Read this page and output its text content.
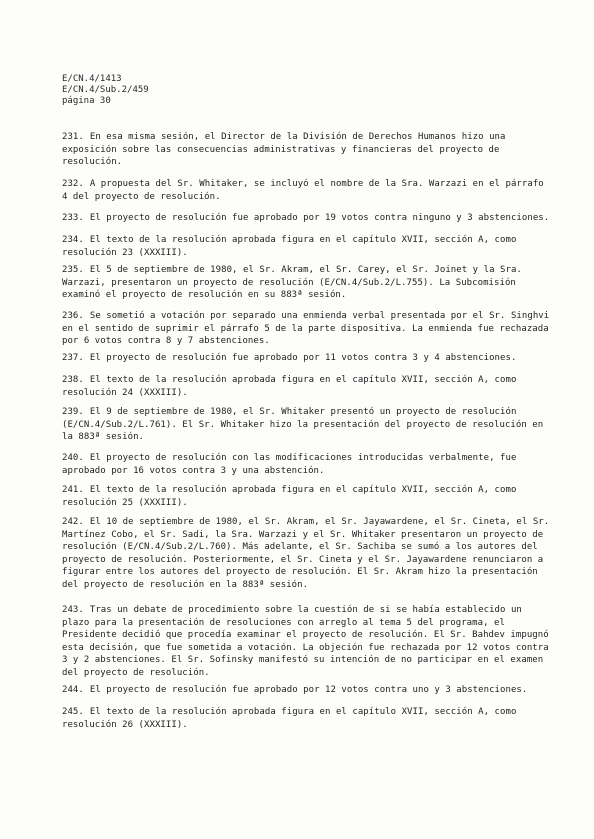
E/CN.4/1413
E/CN.4/Sub.2/459
página 30
231. En esa misma sesión, el Director de la División de Derechos Humanos hizo una exposición sobre las consecuencias administrativas y financieras del proyecto de resolución.
232. A propuesta del Sr. Whitaker, se incluyó el nombre de la Sra. Warzazi en el párrafo 4 del proyecto de resolución.
233. El proyecto de resolución fue aprobado por 19 votos contra ninguno y 3 abstenciones.
234. El texto de la resolución aprobada figura en el capítulo XVII, sección A, como resolución 23 (XXXIII).
235. El 5 de septiembre de 1980, el Sr. Akram, el Sr. Carey, el Sr. Joinet y la Sra. Warzazi, presentaron un proyecto de resolución (E/CN.4/Sub.2/L.755). La Subcomisión examinó el proyecto de resolución en su 883ª sesión.
236. Se sometió a votación por separado una enmienda verbal presentada por el Sr. Singhvi en el sentido de suprimir el párrafo 5 de la parte dispositiva. La enmienda fue rechazada por 6 votos contra 8 y 7 abstenciones.
237. El proyecto de resolución fue aprobado por 11 votos contra 3 y 4 abstenciones.
238. El texto de la resolución aprobada figura en el capítulo XVII, sección A, como resolución 24 (XXXIII).
239. El 9 de septiembre de 1980, el Sr. Whitaker presentó un proyecto de resolución (E/CN.4/Sub.2/L.761). El Sr. Whitaker hizo la presentación del proyecto de resolución en la 883ª sesión.
240. El proyecto de resolución con las modificaciones introducidas verbalmente, fue aprobado por 16 votos contra 3 y una abstención.
241. El texto de la resolución aprobada figura en el capítulo XVII, sección A, como resolución 25 (XXXIII).
242. El 10 de septiembre de 1980, el Sr. Akram, el Sr. Jayawardene, el Sr. Cineta, el Sr. Martínez Cobo, el Sr. Sadi, la Sra. Warzazi y el Sr. Whitaker presentaron un proyecto de resolución (E/CN.4/Sub.2/L.760). Más adelante, el Sr. Sachiba se sumó a los autores del proyecto de resolución. Posteriormente, el Sr. Cineta y el Sr. Jayawardene renunciaron a figurar entre los autores del proyecto de resolución. El Sr. Akram hizo la presentación del proyecto de resolución en la 883ª sesión.
243. Tras un debate de procedimiento sobre la cuestión de si se había establecido un plazo para la presentación de resoluciones con arreglo al tema 5 del programa, el Presidente decidió que procedía examinar el proyecto de resolución. El Sr. Bahdev impugnó esta decisión, que fue sometida a votación. La objeción fue rechazada por 12 votos contra 3 y 2 abstenciones. El Sr. Sofinsky manifestó su intención de no participar en el examen del proyecto de resolución.
244. El proyecto de resolución fue aprobado por 12 votos contra uno y 3 abstenciones.
245. El texto de la resolución aprobada figura en el capítulo XVII, sección A, como resolución 26 (XXXIII).
